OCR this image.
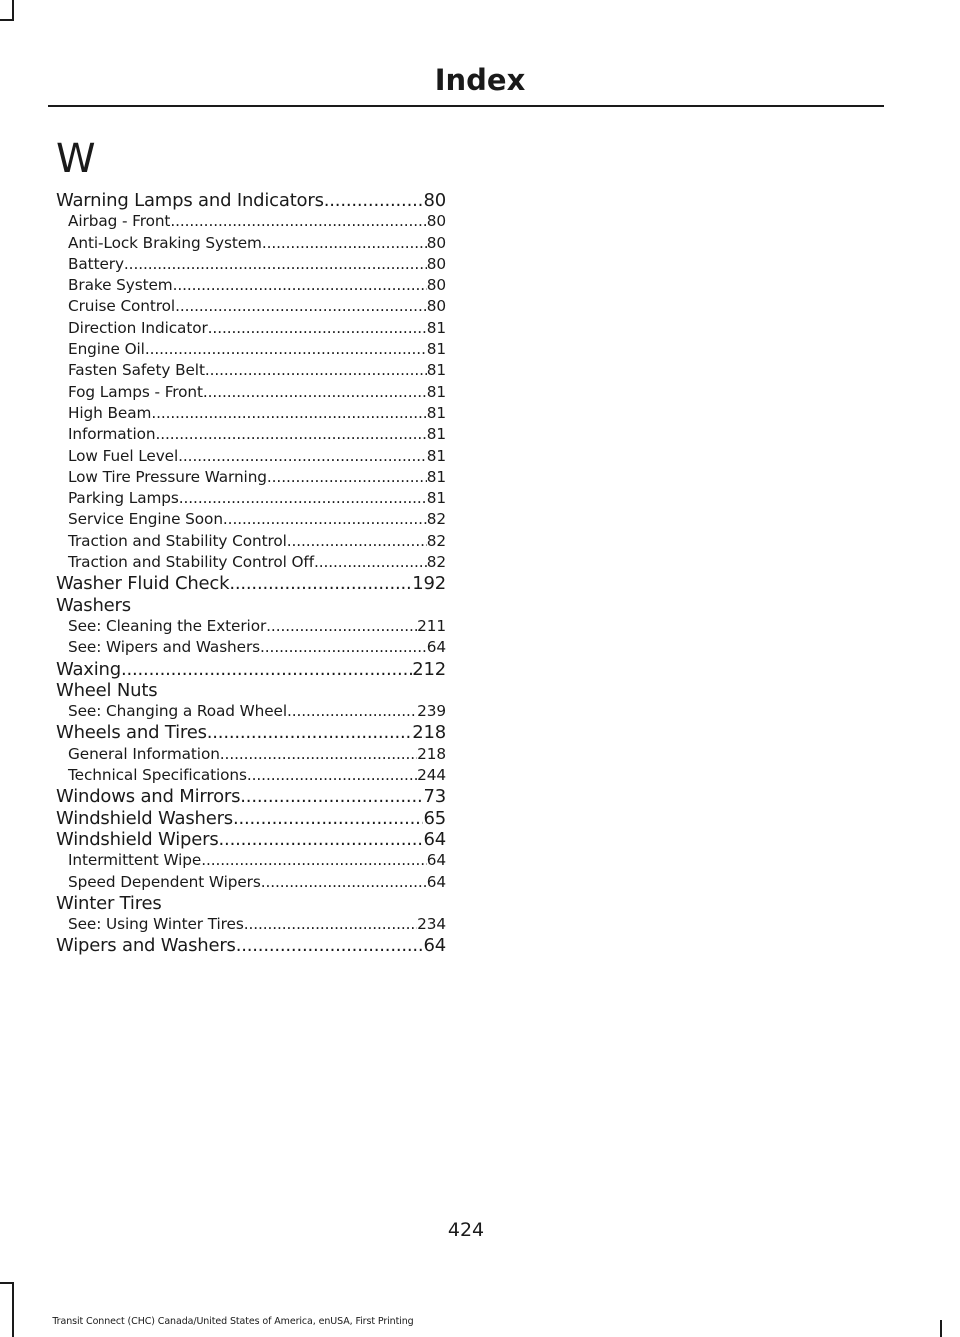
Index
W
Warning Lamps and Indicators .....	80
Airbag - Front .....	80
Anti-Lock Braking System .....	80
Battery .....	80
Brake System .....	80
Cruise Control .....	80
Direction Indicator .....	81
Engine Oil .....	81
Fasten Safety Belt .....	81
Fog Lamps - Front .....	81
High Beam .....	81
Information .....	81
Low Fuel Level .....	81
Low Tire Pressure Warning .....	81
Parking Lamps .....	81
Service Engine Soon .....	82
Traction and Stability Control .....	82
Traction and Stability Control Off .....	82
Washer Fluid Check .....	192
Washers
See: Cleaning the Exterior .....	211
See: Wipers and Washers .....	64
Waxing .....	212
Wheel Nuts
See: Changing a Road Wheel .....	239
Wheels and Tires .....	218
General Information .....	218
Technical Specifications .....	244
Windows and Mirrors .....	73
Windshield Washers .....	65
Windshield Wipers .....	64
Intermittent Wipe .....	64
Speed Dependent Wipers .....	64
Winter Tires
See: Using Winter Tires .....	234
Wipers and Washers .....	64
424
Transit Connect (CHC) Canada/United States of America, enUSA, First Printing
